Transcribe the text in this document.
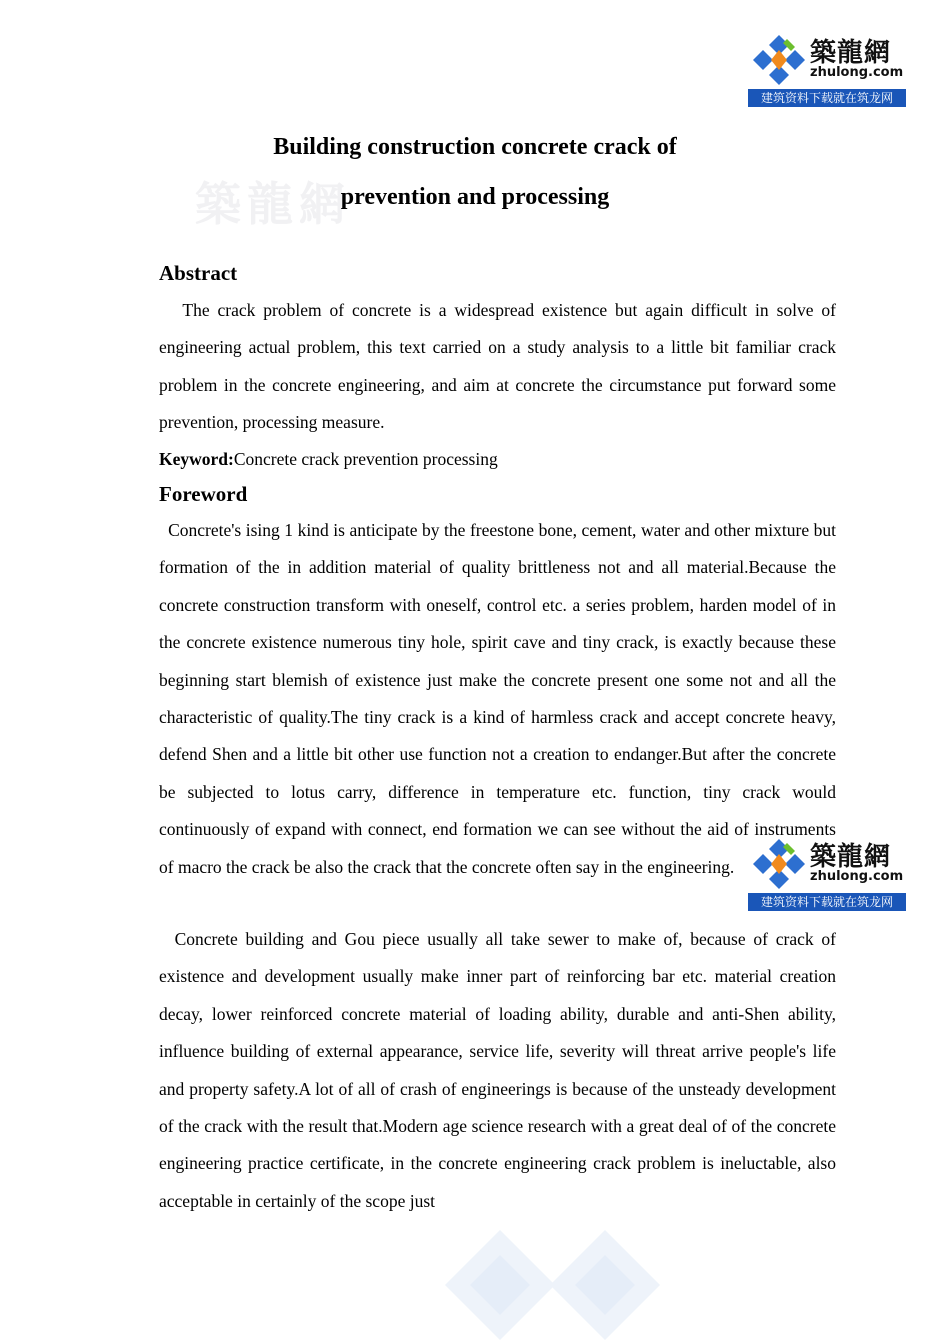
築龍網
築龍網
zhulong.com
建筑资料下载就在筑龙网
築龍網
zhulong.com
建筑资料下载就在筑龙网
Building construction concrete crack of
prevention and processing
Abstract

The crack problem of concrete is a widespread existence but again difficult in solve of engineering actual problem, this text carried on a study analysis to a little bit familiar crack problem in the concrete engineering, and aim at concrete the circumstance put forward some prevention, processing measure.

Keyword:Concrete crack prevention processing

Foreword

Concrete's ising 1 kind is anticipate by the freestone bone, cement, water and other mixture but formation of the in addition material of quality brittleness not and all material.Because the concrete construction transform with oneself, control etc. a series problem, harden model of in the concrete existence numerous tiny hole, spirit cave and tiny crack, is exactly because these beginning start blemish of existence just make the concrete present one some not and all the characteristic of quality.The tiny crack is a kind of harmless crack and accept concrete heavy, defend Shen and a little bit other use function not a creation to endanger.But after the concrete be subjected to lotus carry, difference in temperature etc. function, tiny crack would continuously of expand with connect, end formation we can see without the aid of instruments of macro the crack be also the crack that the concrete often say in the engineering.

Concrete building and Gou piece usually all take sewer to make of, because of crack of existence and development usually make inner part of reinforcing bar etc. material creation decay, lower reinforced concrete material of loading ability, durable and anti-Shen ability, influence building of external appearance, service life, severity will threat arrive people's life and property safety.A lot of all of crash of engineerings is because of the unsteady development of the crack with the result that.Modern age science research with a great deal of of the concrete engineering practice certificate, in the concrete engineering crack problem is ineluctable, also acceptable in certainly of the scope just
